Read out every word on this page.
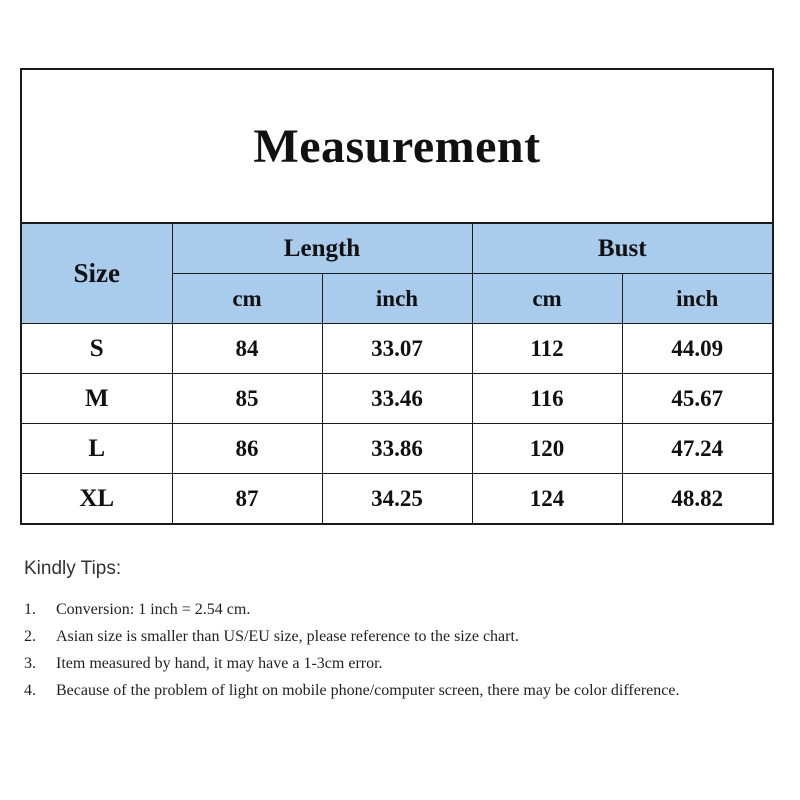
Measurement
Size	Length		Bust	
	cm	inch	cm	inch
S	84	33.07	112	44.09
M	85	33.46	116	45.67
L	86	33.86	120	47.24
XL	87	34.25	124	48.82
Kindly Tips:
1.	Conversion: 1 inch = 2.54 cm.
2.	Asian size is smaller than US/EU size, please reference to the size chart.
3.	Item measured by hand, it may have a 1-3cm error.
4.	Because of the problem of light on mobile phone/computer screen, there may be color difference.
